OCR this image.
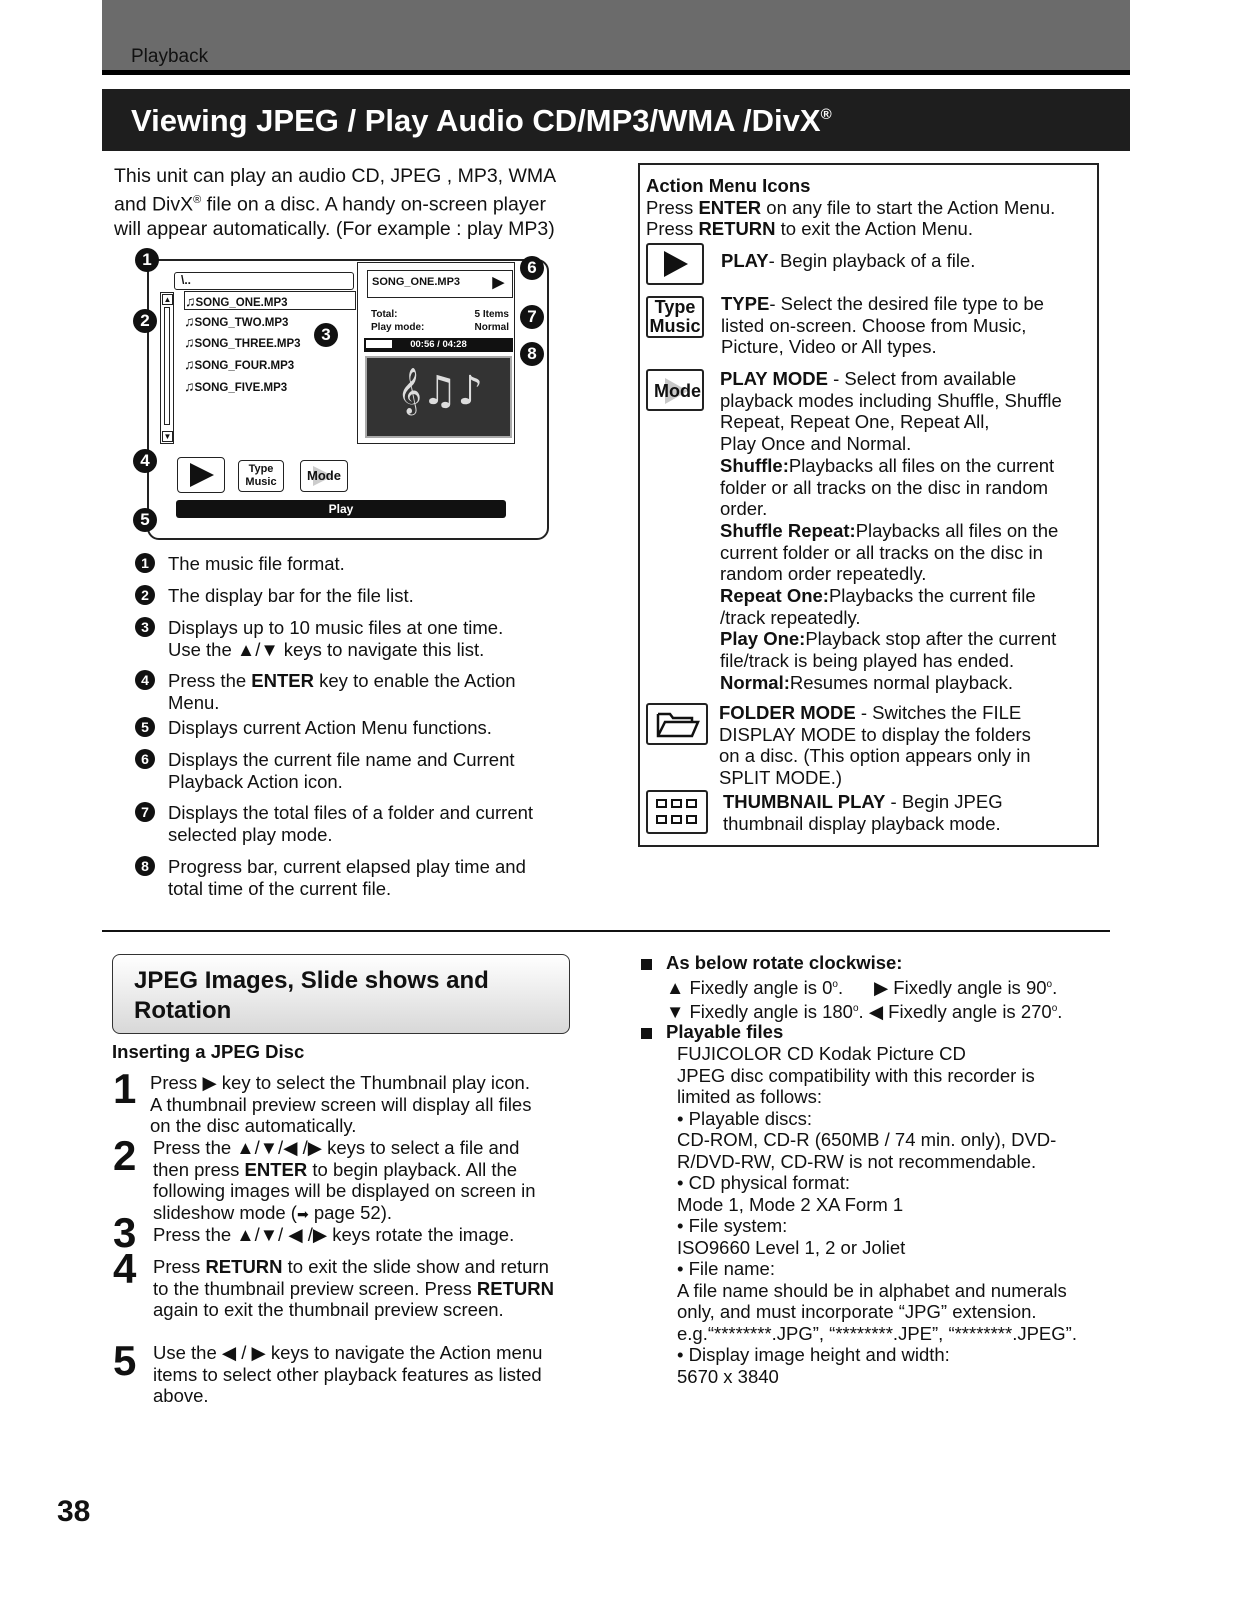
Playback
Viewing JPEG / Play Audio CD/MP3/WMA /DivX®
This unit can play an audio CD, JPEG , MP3, WMA
and DivX® file on a disc. A handy on-screen player
will appear automatically. (For example : play MP3)
\..
▲
▼
♫SONG_ONE.MP3
♫SONG_TWO.MP3
♫SONG_THREE.MP3
♫SONG_FOUR.MP3
♫SONG_FIVE.MP3
SONG_ONE.MP3 ▶
Total:	5 Items
Play mode:	Normal
00:56 / 04:28
𝄞♫♪
Type
Music	Mode
Play
1
2
3
4
5
6
7
8
1	The music file format.
2	The display bar for the file list.
3	Displays up to 10 music files at one time.
Use the ▲/▼ keys to navigate this list.
4	Press the ENTER key to enable the Action
Menu.
5	Displays current Action Menu functions.
6	Displays the current file name and Current
Playback Action icon.
7	Displays the total files of a folder and current
selected play mode.
8	Progress bar, current elapsed play time and
total time of the current file.
Action Menu Icons
Press ENTER on any file to start the Action Menu.
Press RETURN to exit the Action Menu.
PLAY- Begin playback of a file.
Type
Music
TYPE- Select the desired file type to be
listed on-screen. Choose from Music,
Picture, Video or All types.
Mode
PLAY MODE - Select from available
playback modes including Shuffle, Shuffle
Repeat, Repeat One, Repeat All,
Play Once and Normal.
Shuffle:Playbacks all files on the current
folder or all tracks on the disc in random
order.
Shuffle Repeat:Playbacks all files on the
current folder or all tracks on the disc in
random order repeatedly.
Repeat One:Playbacks the current file
/track repeatedly.
Play One:Playback stop after the current
file/track is being played has ended.
Normal:Resumes normal playback.
FOLDER MODE - Switches the FILE
DISPLAY MODE to display the folders
on a disc. (This option appears only in
SPLIT MODE.)
THUMBNAIL PLAY - Begin JPEG
thumbnail display playback mode.
JPEG Images, Slide shows and
Rotation
Inserting a JPEG Disc
1 Press ▶ key to select the Thumbnail play icon.
A thumbnail preview screen will display all files
on the disc automatically.
2 Press the ▲/▼/◀ /▶ keys to select a file and
then press ENTER to begin playback. All the
following images will be displayed on screen in
slideshow mode (➡ page 52).
3 Press the ▲/▼/ ◀ /▶ keys rotate the image.
4 Press RETURN to exit the slide show and return
to the thumbnail preview screen. Press RETURN
again to exit the thumbnail preview screen.
5 Use the ◀ / ▶ keys to navigate the Action menu
items to select other playback features as listed
above.
As below rotate clockwise:
▲ Fixedly angle is 0$^o$.      ▶ Fixedly angle is 90$^o$.
▼ Fixedly angle is 180$^o$. ◀ Fixedly angle is 270$^o$.
Playable files
FUJICOLOR CD Kodak Picture CD
JPEG disc compatibility with this recorder is
limited as follows:
• Playable discs:
CD-ROM, CD-R (650MB / 74 min. only), DVD-
R/DVD-RW, CD-RW is not recommendable.
• CD physical format:
Mode 1, Mode 2 XA Form 1
• File system:
ISO9660 Level 1, 2 or Joliet
• File name:
A file name should be in alphabet and numerals
only, and must incorporate “JPG” extension.
e.g.“********.JPG”, “********.JPE”, “********.JPEG”.
• Display image height and width:
5670 x 3840
38
